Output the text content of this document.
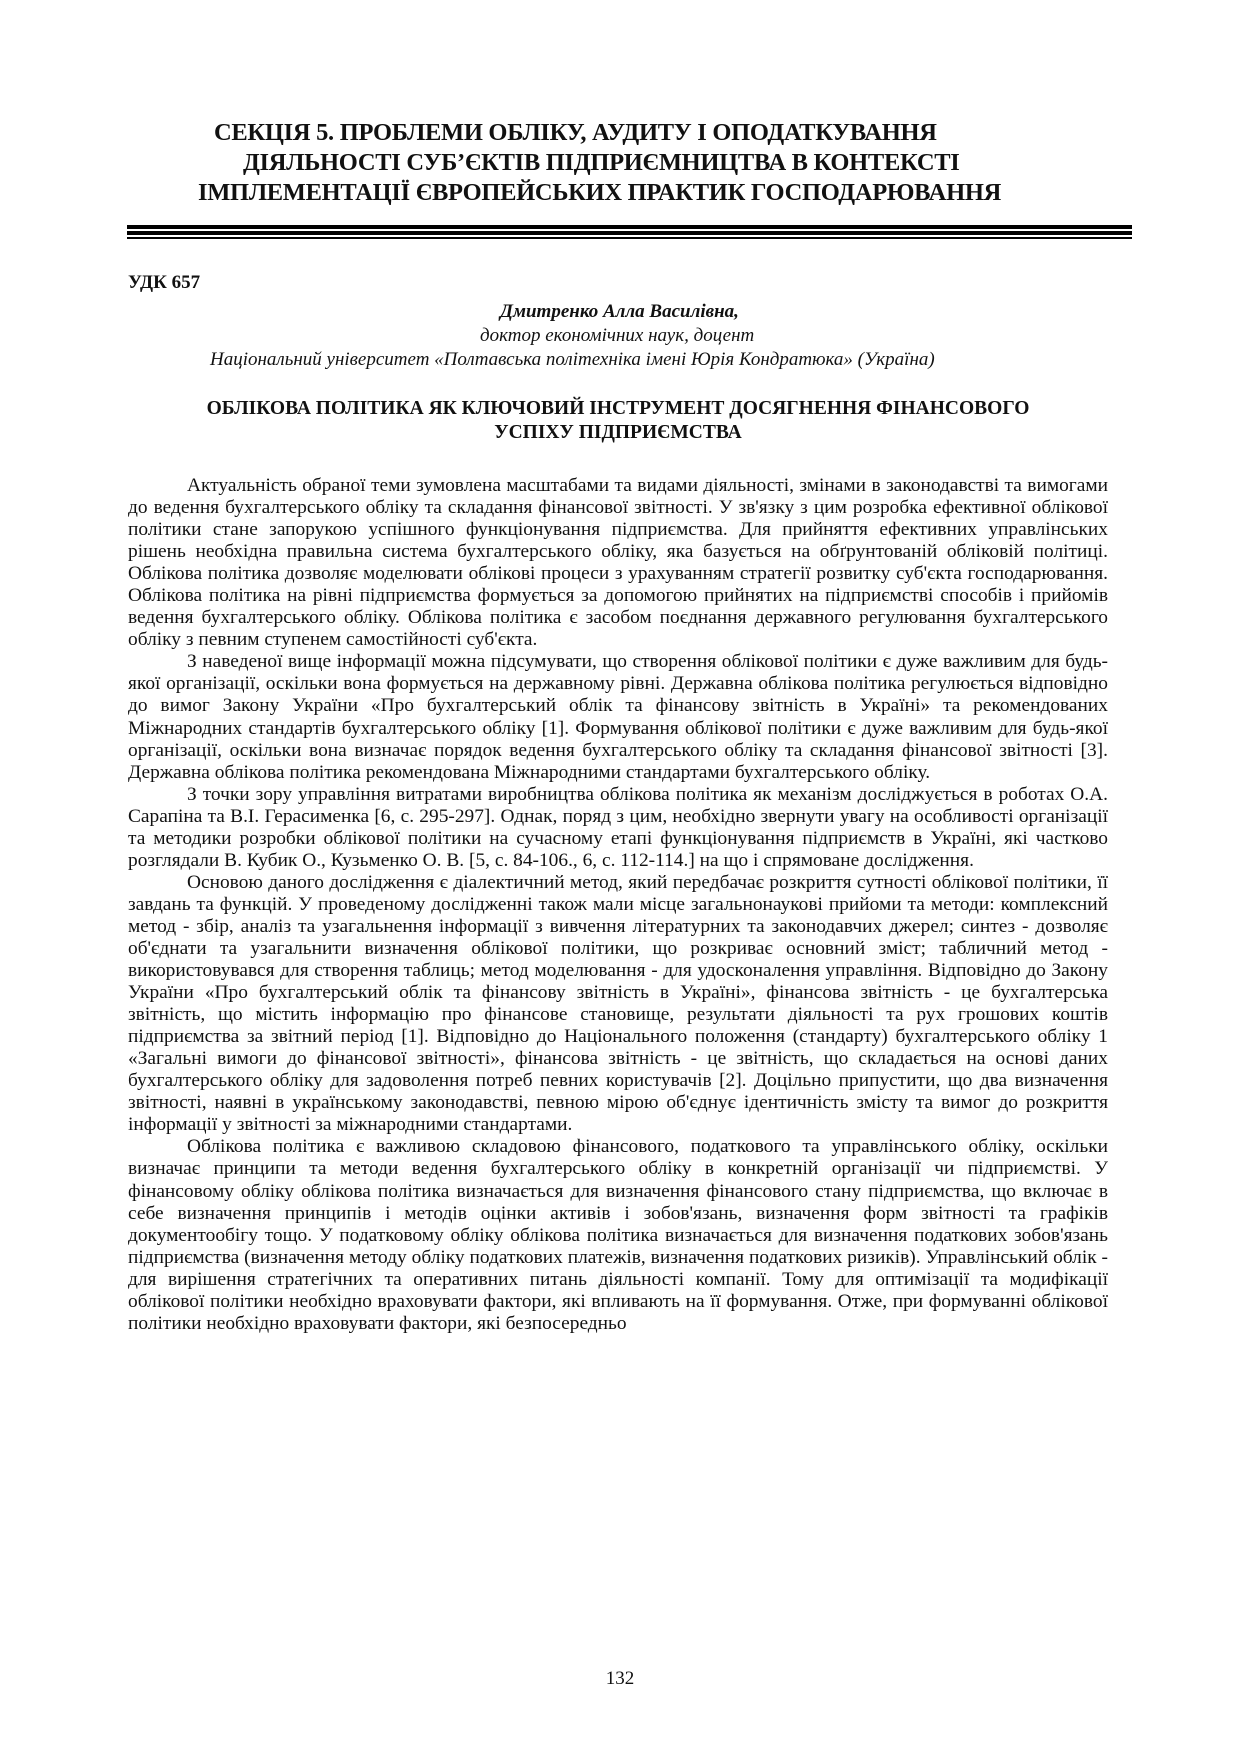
СЕКЦІЯ 5. ПРОБЛЕМИ ОБЛІКУ, АУДИТУ І ОПОДАТКУВАННЯ
ДІЯЛЬНОСТІ СУБ’ЄКТІВ ПІДПРИЄМНИЦТВА В КОНТЕКСТІ
ІМПЛЕМЕНТАЦІЇ ЄВРОПЕЙСЬКИХ ПРАКТИК ГОСПОДАРЮВАННЯ
УДК 657
Дмитренко Алла Василівна,
доктор економічних наук, доцент
Національний університет «Полтавська політехніка імені Юрія Кондратюка» (Україна)
ОБЛІКОВА ПОЛІТИКА ЯК КЛЮЧОВИЙ ІНСТРУМЕНТ ДОСЯГНЕННЯ ФІНАНСОВОГО
УСПІХУ ПІДПРИЄМСТВА

Актуальність обраної теми зумовлена масштабами та видами діяльності, змінами в законодавстві та вимогами до ведення бухгалтерського обліку та складання фінансової звітності. У зв'язку з цим розробка ефективної облікової політики стане запорукою успішного функціонування підприємства. Для прийняття ефективних управлінських рішень необхідна правильна система бухгалтерського обліку, яка базується на обґрунтованій обліковій політиці. Облікова політика дозволяє моделювати облікові процеси з урахуванням стратегії розвитку суб'єкта господарювання. Облікова політика на рівні підприємства формується за допомогою прийнятих на підприємстві способів і прийомів ведення бухгалтерського обліку. Облікова політика є засобом поєднання державного регулювання бухгалтерського обліку з певним ступенем самостійності суб'єкта.

З наведеної вище інформації можна підсумувати, що створення облікової політики є дуже важливим для будь-якої організації, оскільки вона формується на державному рівні. Державна облікова політика регулюється відповідно до вимог Закону України «Про бухгалтерський облік та фінансову звітність в Україні» та рекомендованих Міжнародних стандартів бухгалтерського обліку [1]. Формування облікової політики є дуже важливим для будь-якої організації, оскільки вона визначає порядок ведення бухгалтерського обліку та складання фінансової звітності [3]. Державна облікова політика рекомендована Міжнародними стандартами бухгалтерського обліку.

З точки зору управління витратами виробництва облікова політика як механізм досліджується в роботах О.А. Сарапіна та В.І. Герасименка [6, с. 295-297]. Однак, поряд з цим, необхідно звернути увагу на особливості організації та методики розробки облікової політики на сучасному етапі функціонування підприємств в Україні, які частково розглядали В. Кубик О., Кузьменко О. В. [5, с. 84-106., 6, с. 112-114.] на що і спрямоване дослідження.

Основою даного дослідження є діалектичний метод, який передбачає розкриття сутності облікової політики, її завдань та функцій. У проведеному дослідженні також мали місце загальнонаукові прийоми та методи: комплексний метод - збір, аналіз та узагальнення інформації з вивчення літературних та законодавчих джерел; синтез - дозволяє об'єднати та узагальнити визначення облікової політики, що розкриває основний зміст; табличний метод - використовувався для створення таблиць; метод моделювання - для удосконалення управління. Відповідно до Закону України «Про бухгалтерський облік та фінансову звітність в Україні», фінансова звітність - це бухгалтерська звітність, що містить інформацію про фінансове становище, результати діяльності та рух грошових коштів підприємства за звітний період [1]. Відповідно до Національного положення (стандарту) бухгалтерського обліку 1 «Загальні вимоги до фінансової звітності», фінансова звітність - це звітність, що складається на основі даних бухгалтерського обліку для задоволення потреб певних користувачів [2]. Доцільно припустити, що два визначення звітності, наявні в українському законодавстві, певною мірою об'єднує ідентичність змісту та вимог до розкриття інформації у звітності за міжнародними стандартами.

Облікова політика є важливою складовою фінансового, податкового та управлінського обліку, оскільки визначає принципи та методи ведення бухгалтерського обліку в конкретній організації чи підприємстві. У фінансовому обліку облікова політика визначається для визначення фінансового стану підприємства, що включає в себе визначення принципів і методів оцінки активів і зобов'язань, визначення форм звітності та графіків документообігу тощо. У податковому обліку облікова політика визначається для визначення податкових зобов'язань підприємства (визначення методу обліку податкових платежів, визначення податкових ризиків). Управлінський облік - для вирішення стратегічних та оперативних питань діяльності компанії. Тому для оптимізації та модифікації облікової політики необхідно враховувати фактори, які впливають на її формування. Отже, при формуванні облікової політики необхідно враховувати фактори, які безпосередньо

132
